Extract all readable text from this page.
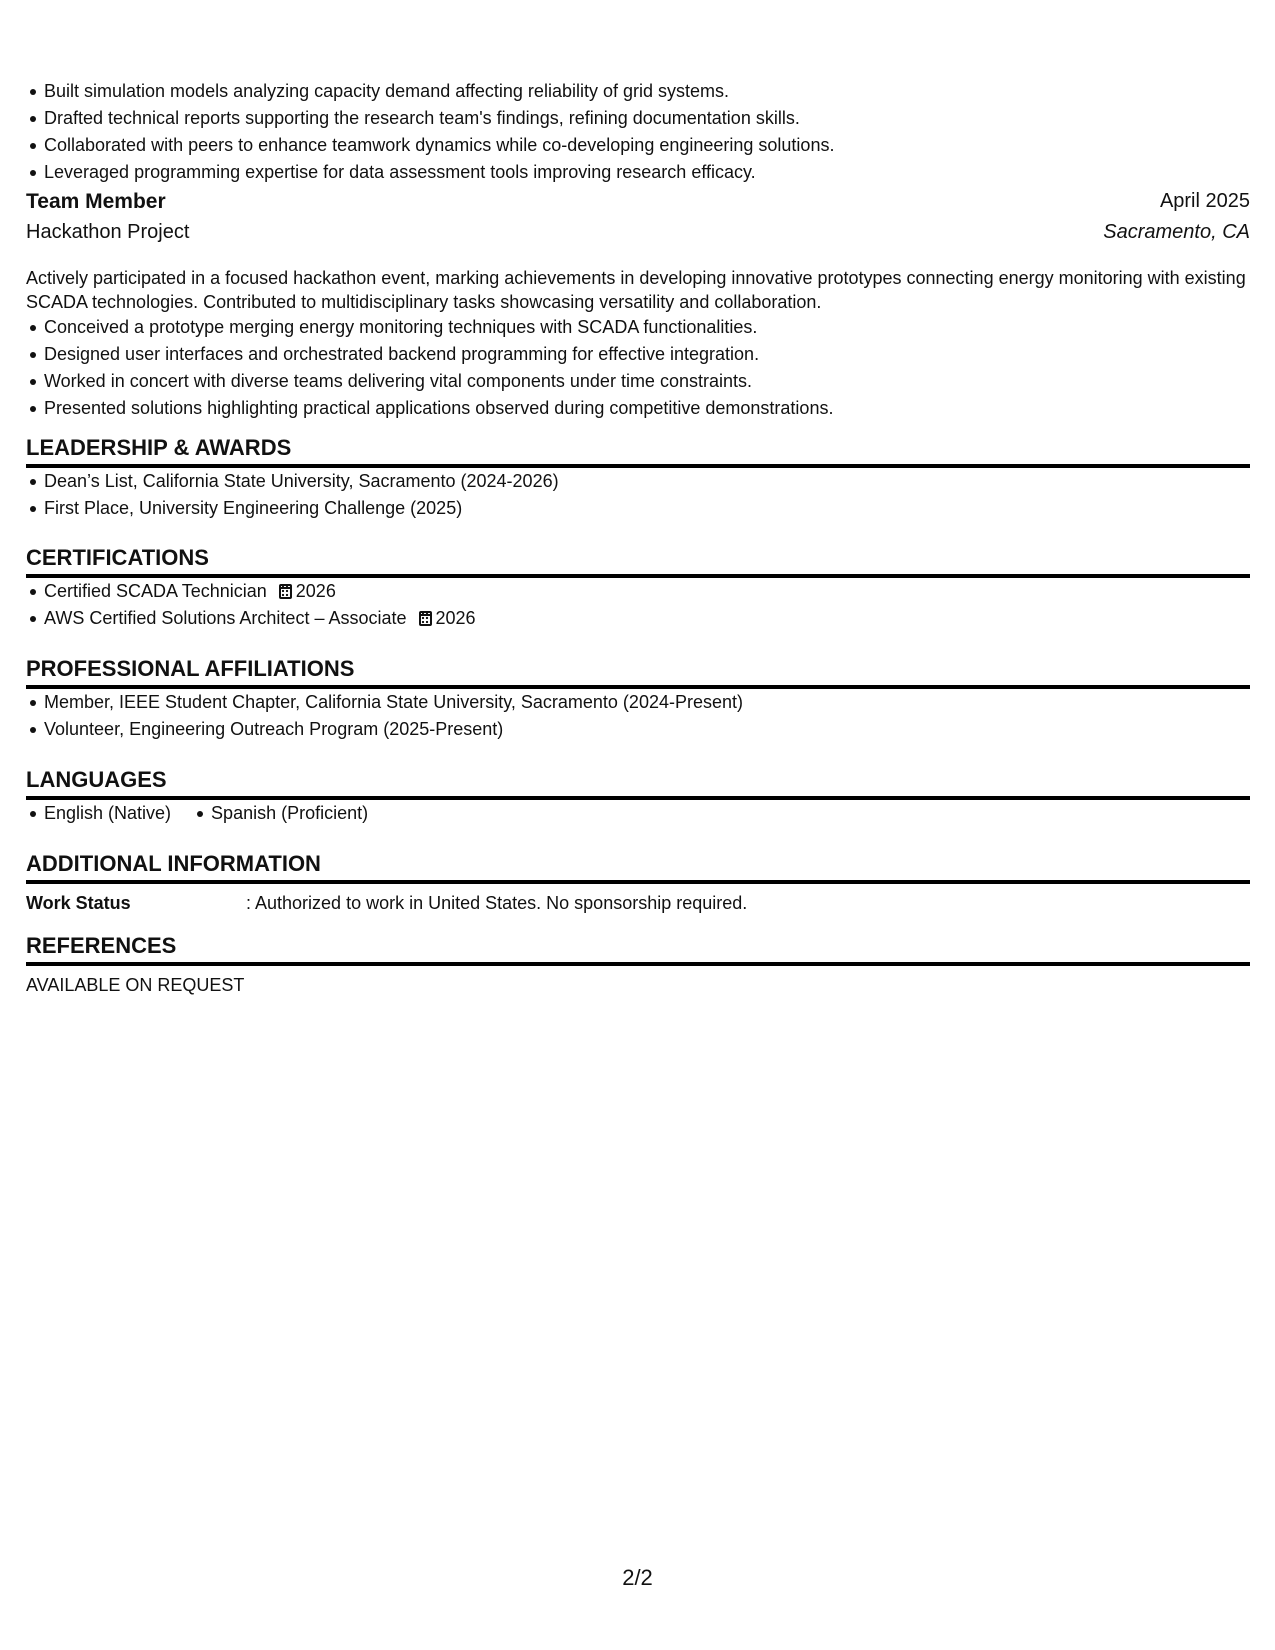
Built simulation models analyzing capacity demand affecting reliability of grid systems.
Drafted technical reports supporting the research team's findings, refining documentation skills.
Collaborated with peers to enhance teamwork dynamics while co-developing engineering solutions.
Leveraged programming expertise for data assessment tools improving research efficacy.
Team Member	April 2025
Hackathon Project	Sacramento, CA
Actively participated in a focused hackathon event, marking achievements in developing innovative prototypes connecting energy monitoring with existing SCADA technologies. Contributed to multidisciplinary tasks showcasing versatility and collaboration.
Conceived a prototype merging energy monitoring techniques with SCADA functionalities.
Designed user interfaces and orchestrated backend programming for effective integration.
Worked in concert with diverse teams delivering vital components under time constraints.
Presented solutions highlighting practical applications observed during competitive demonstrations.
LEADERSHIP & AWARDS
Dean’s List, California State University, Sacramento (2024-2026)
First Place, University Engineering Challenge (2025)
CERTIFICATIONS
Certified SCADA Technician 2026
AWS Certified Solutions Architect – Associate 2026
PROFESSIONAL AFFILIATIONS
Member, IEEE Student Chapter, California State University, Sacramento (2024-Present)
Volunteer, Engineering Outreach Program (2025-Present)
LANGUAGES
English (Native)	Spanish (Proficient)
ADDITIONAL INFORMATION
Work Status	: Authorized to work in United States. No sponsorship required.
REFERENCES
AVAILABLE ON REQUEST
2/2
